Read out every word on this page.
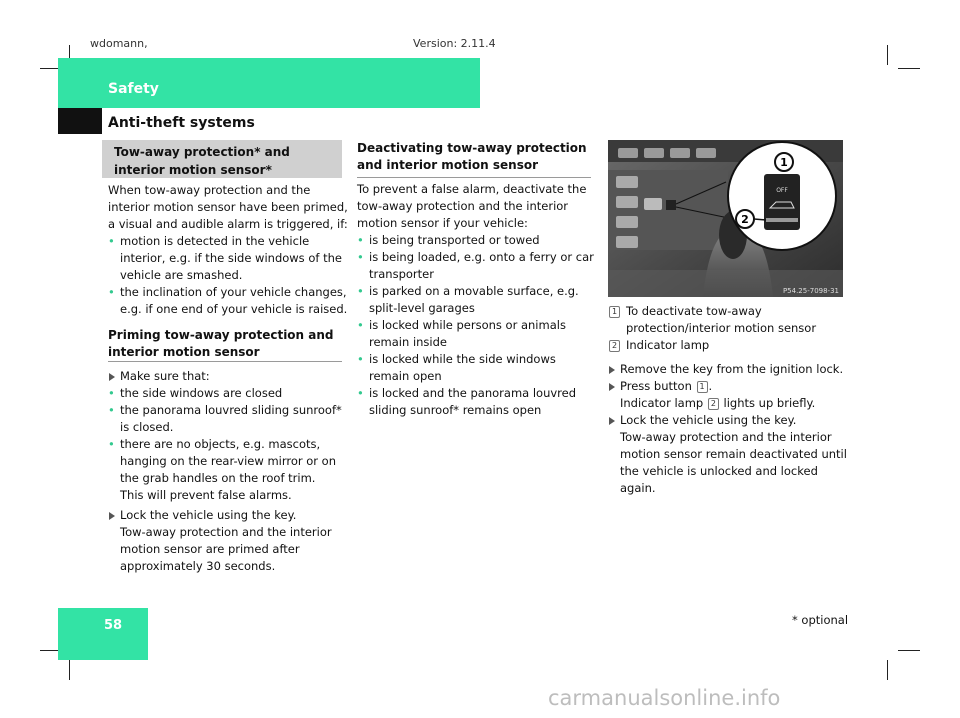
wdomann,	Version: 2.11.4
Safety
Anti-theft systems
Tow-away protection* and interior motion sensor*

When tow-away protection and the interior motion sensor have been primed, a visual and audible alarm is triggered, if:

• motion is detected in the vehicle interior, e.g. if the side windows of the vehicle are smashed.

• the inclination of your vehicle changes, e.g. if one end of your vehicle is raised.

Priming tow-away protection and interior motion sensor

Make sure that:

• the side windows are closed

• the panorama louvred sliding sunroof* is closed.

• there are no objects, e.g. mascots, hanging on the rear-view mirror or on the grab handles on the roof trim.

This will prevent false alarms.

Lock the vehicle using the key.

Tow-away protection and the interior motion sensor are primed after approximately 30 seconds.

Deactivating tow-away protection and interior motion sensor

To prevent a false alarm, deactivate the tow-away protection and the interior motion sensor if your vehicle:

• is being transported or towed

• is being loaded, e.g. onto a ferry or car transporter

• is parked on a movable surface, e.g. split-level garages

• is locked while persons or animals remain inside

• is locked while the side windows remain open

• is locked and the panorama louvred sliding sunroof* remains open

OFF
1
2
P54.25-7098-31

1 To deactivate tow-away protection/interior motion sensor

2 Indicator lamp

Remove the key from the ignition lock.

Press button 1 .

Indicator lamp 2 lights up briefly.

Lock the vehicle using the key.

Tow-away protection and the interior motion sensor remain deactivated until the vehicle is unlocked and locked again.

58	* optional
carmanualsonline.info
